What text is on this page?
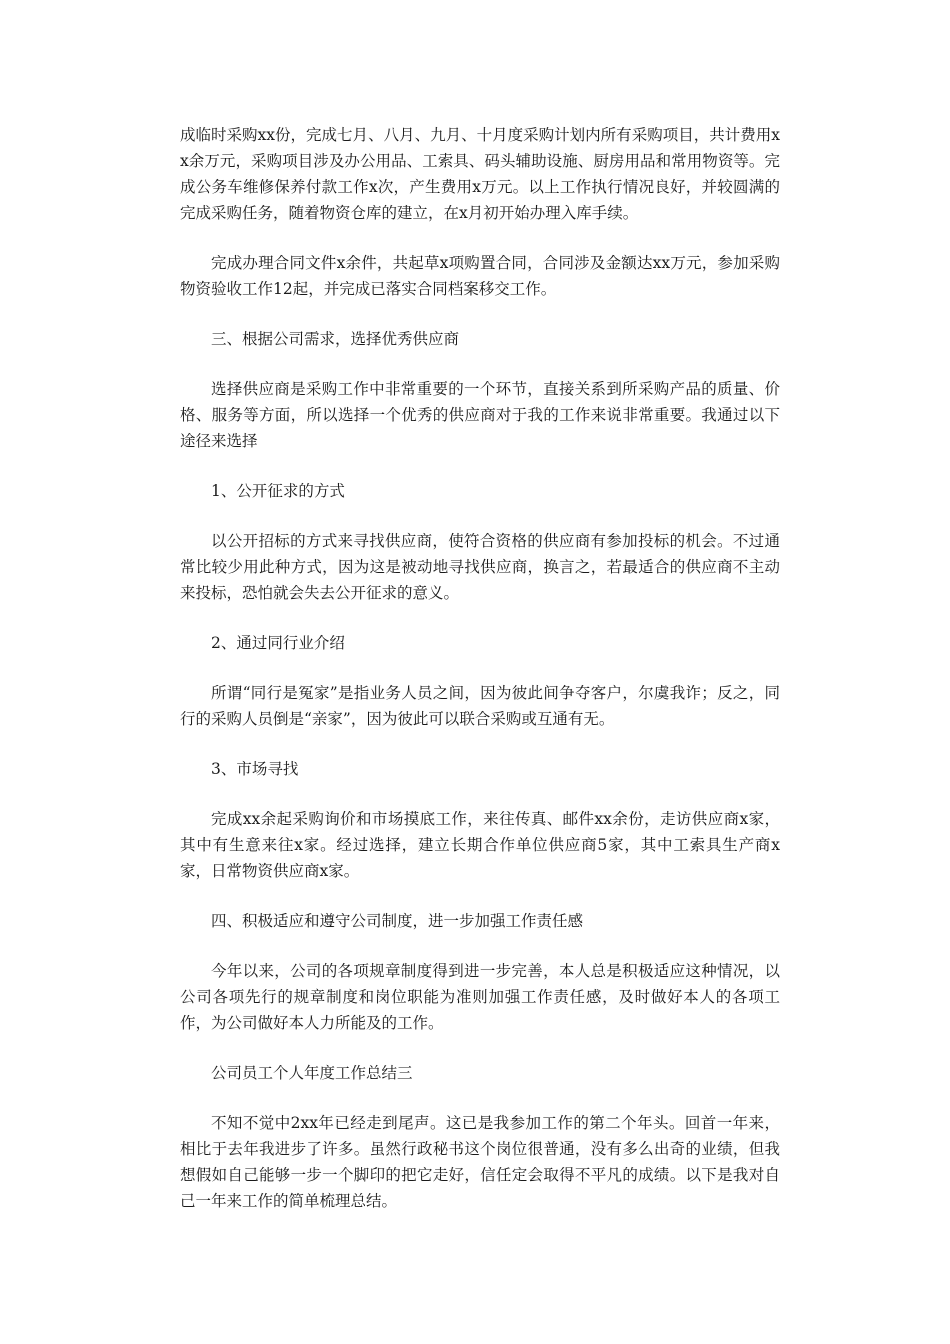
成临时采购xx份，完成七月、八月、九月、十月度采购计划内所有采购项目，共计费用xx余万元，采购项目涉及办公用品、工索具、码头辅助设施、厨房用品和常用物资等。完成公务车维修保养付款工作x次，产生费用x万元。以上工作执行情况良好，并较圆满的完成采购任务，随着物资仓库的建立，在x月初开始办理入库手续。

完成办理合同文件x余件，共起草x项购置合同，合同涉及金额达xx万元，参加采购物资验收工作12起，并完成已落实合同档案移交工作。

三、根据公司需求，选择优秀供应商

选择供应商是采购工作中非常重要的一个环节，直接关系到所采购产品的质量、价格、服务等方面，所以选择一个优秀的供应商对于我的工作来说非常重要。我通过以下途径来选择

1、公开征求的方式

以公开招标的方式来寻找供应商，使符合资格的供应商有参加投标的机会。不过通常比较少用此种方式，因为这是被动地寻找供应商，换言之，若最适合的供应商不主动来投标，恐怕就会失去公开征求的意义。

2、通过同行业介绍

所谓“同行是冤家”是指业务人员之间，因为彼此间争夺客户，尔虞我诈；反之，同行的采购人员倒是“亲家”，因为彼此可以联合采购或互通有无。

3、市场寻找

完成xx余起采购询价和市场摸底工作，来往传真、邮件xx余份，走访供应商x家，其中有生意来往x家。经过选择，建立长期合作单位供应商5家，其中工索具生产商x家，日常物资供应商x家。

四、积极适应和遵守公司制度，进一步加强工作责任感

今年以来，公司的各项规章制度得到进一步完善，本人总是积极适应这种情况，以公司各项先行的规章制度和岗位职能为准则加强工作责任感，及时做好本人的各项工作，为公司做好本人力所能及的工作。

公司员工个人年度工作总结三

不知不觉中2xx年已经走到尾声。这已是我参加工作的第二个年头。回首一年来，相比于去年我进步了许多。虽然行政秘书这个岗位很普通，没有多么出奇的业绩，但我想假如自己能够一步一个脚印的把它走好，信任定会取得不平凡的成绩。以下是我对自己一年来工作的简单梳理总结。
